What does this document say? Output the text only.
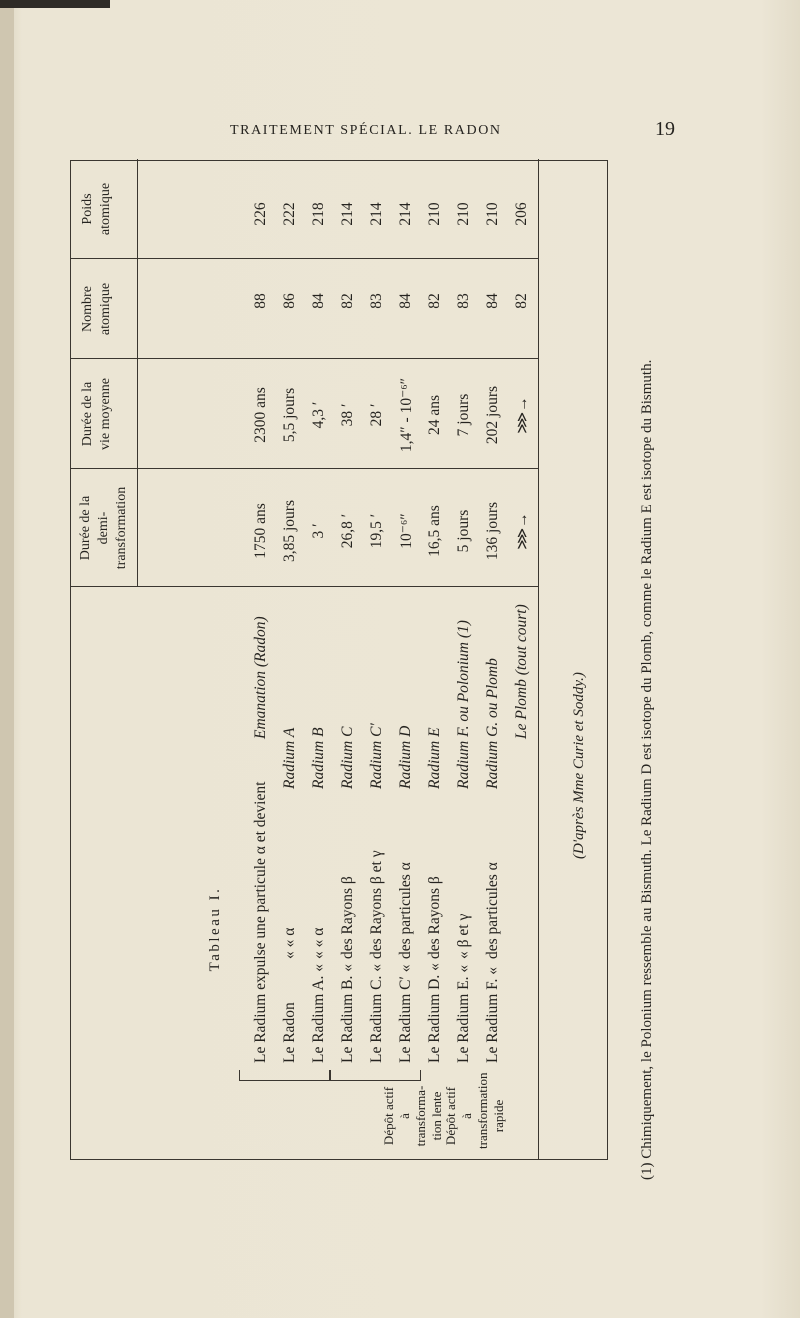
TRAITEMENT SPÉCIAL. LE RADON	19
Tableau I.
Durée de la demi- transformation
Durée de la vie moyenne
Nombre atomique
Poids atomique
Le Radium expulse une particule α et devient
Emanation (Radon)
1750 ans
2300 ans
88
226
Le Radon
« « α
Radium A
3,85 jours
5,5 jours
86
222
Le Radium A. «
« « α
Radium B
3 ′
4,3 ′
84
218
Le Radium B. «
des Rayons β
Radium C
26,8 ′
38 ′
82
214
Le Radium C. «
des Rayons β et γ
Radium C′
19,5 ′
28 ′
83
214
Le Radium C′ «
des particules α
Radium D
10⁻⁶″
1,4″ - 10⁻⁶″
84
214
Le Radium D. «
des Rayons β
Radium E
16,5 ans
24 ans
82
210
Le Radium E. «
« β et γ
Radium F. ou Polonium (1)
5 jours
7 jours
83
210
Le Radium F. «
des particules α
Radium G. ou Plomb
136 jours
202 jours
84
210
Le Plomb (tout court)
⋙→
⋙→
82
206
Dépôt actif à transformation rapide
Dépôt actif à transforma- tion lente
(D'après Mme Curie et Soddy.)	(1) Chimiquement, le Polonium ressemble au Bismuth. Le Radium D est isotope du Plomb, comme le Radium E est isotope du Bismuth.
